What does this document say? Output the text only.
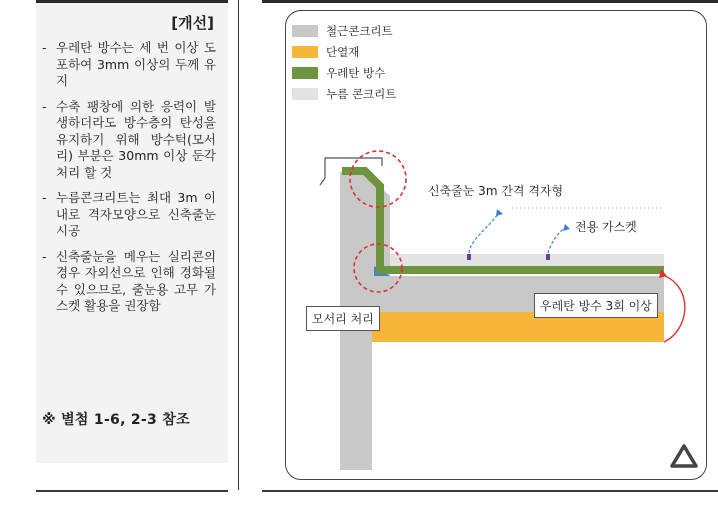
[개선]
- 우레탄 방수는 세 번 이상 도포하여 3mm 이상의 두께 유지
- 수축 팽창에 의한 응력이 발생하더라도 방수층의 탄성을 유지하기 위해 방수턱(모서리) 부분은 30mm 이상 둔각처리 할 것
- 누름콘크리트는 최대 3m 이내로 격자모양으로 신축줄눈 시공
- 신축줄눈을 메우는 실리콘의 경우 자외선으로 인해 경화될 수 있으므로, 줄눈용 고무 가스켓 활용을 권장함
※ 별첨 1-6, 2-3 참조
철근콘크리트
단열재
우레탄 방수
누름 콘크리트
신축줄눈 3m 간격 격자형
전용 가스켓
우레탄 방수 3회 이상
모서리 처리
